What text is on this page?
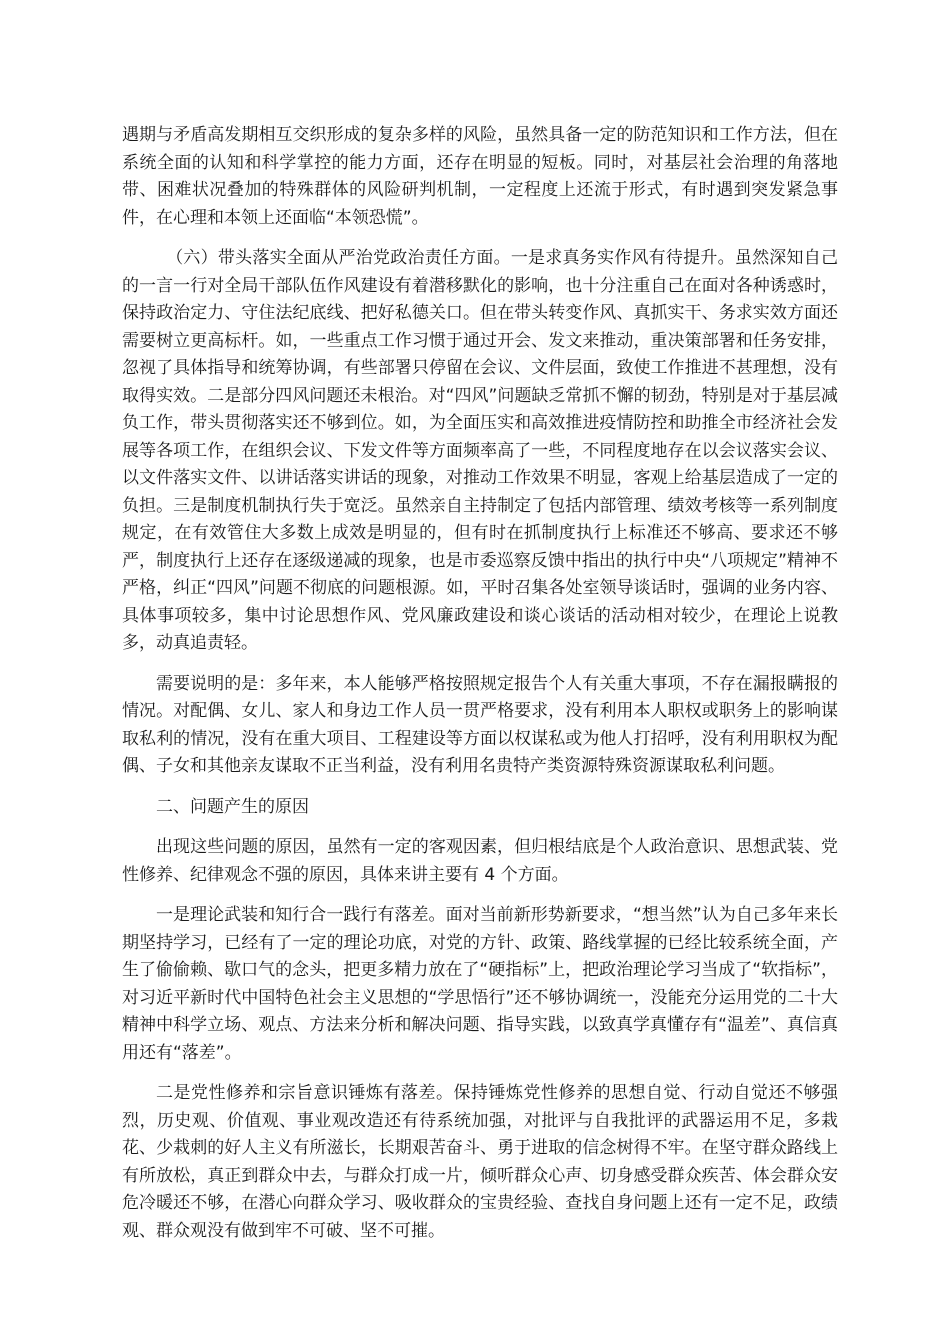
遇期与矛盾高发期相互交织形成的复杂多样的风险，虽然具备一定的防范知识和工作方法，但在系统全面的认知和科学掌控的能力方面，还存在明显的短板。同时，对基层社会治理的角落地带、困难状况叠加的特殊群体的风险研判机制，一定程度上还流于形式，有时遇到突发紧急事件，在心理和本领上还面临“本领恐慌”。

（六）带头落实全面从严治党政治责任方面。一是求真务实作风有待提升。虽然深知自己的一言一行对全局干部队伍作风建设有着潜移默化的影响，也十分注重自己在面对各种诱惑时，保持政治定力、守住法纪底线、把好私德关口。但在带头转变作风、真抓实干、务求实效方面还需要树立更高标杆。如，一些重点工作习惯于通过开会、发文来推动，重决策部署和任务安排，忽视了具体指导和统筹协调，有些部署只停留在会议、文件层面，致使工作推进不甚理想，没有取得实效。二是部分四风问题还未根治。对“四风”问题缺乏常抓不懈的韧劲，特别是对于基层减负工作，带头贯彻落实还不够到位。如，为全面压实和高效推进疫情防控和助推全市经济社会发展等各项工作，在组织会议、下发文件等方面频率高了一些，不同程度地存在以会议落实会议、以文件落实文件、以讲话落实讲话的现象，对推动工作效果不明显，客观上给基层造成了一定的负担。三是制度机制执行失于宽泛。虽然亲自主持制定了包括内部管理、绩效考核等一系列制度规定，在有效管住大多数上成效是明显的，但有时在抓制度执行上标准还不够高、要求还不够严，制度执行上还存在逐级递减的现象，也是市委巡察反馈中指出的执行中央“八项规定”精神不严格，纠正“四风”问题不彻底的问题根源。如，平时召集各处室领导谈话时，强调的业务内容、具体事项较多，集中讨论思想作风、党风廉政建设和谈心谈话的活动相对较少，在理论上说教多，动真追责轻。

需要说明的是：多年来，本人能够严格按照规定报告个人有关重大事项，不存在漏报瞒报的情况。对配偶、女儿、家人和身边工作人员一贯严格要求，没有利用本人职权或职务上的影响谋取私利的情况，没有在重大项目、工程建设等方面以权谋私或为他人打招呼，没有利用职权为配偶、子女和其他亲友谋取不正当利益，没有利用名贵特产类资源特殊资源谋取私利问题。

二、问题产生的原因

出现这些问题的原因，虽然有一定的客观因素，但归根结底是个人政治意识、思想武装、党性修养、纪律观念不强的原因，具体来讲主要有 4 个方面。

一是理论武装和知行合一践行有落差。面对当前新形势新要求，“想当然”认为自己多年来长期坚持学习，已经有了一定的理论功底，对党的方针、政策、路线掌握的已经比较系统全面，产生了偷偷赖、歇口气的念头，把更多精力放在了“硬指标”上，把政治理论学习当成了“软指标”，对习近平新时代中国特色社会主义思想的“学思悟行”还不够协调统一，没能充分运用党的二十大精神中科学立场、观点、方法来分析和解决问题、指导实践，以致真学真懂存有“温差”、真信真用还有“落差”。

二是党性修养和宗旨意识锤炼有落差。保持锤炼党性修养的思想自觉、行动自觉还不够强烈，历史观、价值观、事业观改造还有待系统加强，对批评与自我批评的武器运用不足，多栽花、少栽刺的好人主义有所滋长，长期艰苦奋斗、勇于进取的信念树得不牢。在坚守群众路线上有所放松，真正到群众中去，与群众打成一片，倾听群众心声、切身感受群众疾苦、体会群众安危冷暖还不够，在潜心向群众学习、吸收群众的宝贵经验、查找自身问题上还有一定不足，政绩观、群众观没有做到牢不可破、坚不可摧。
